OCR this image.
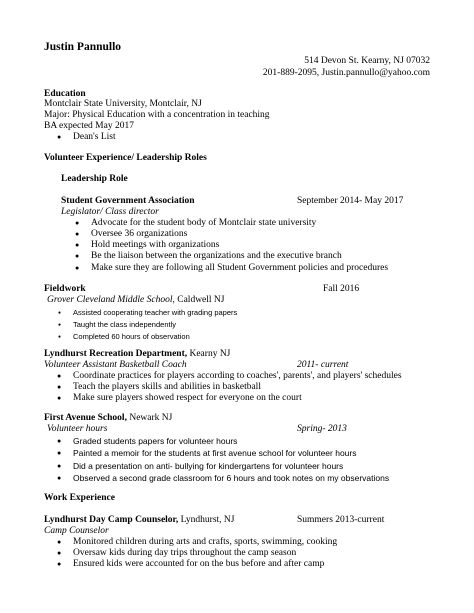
Justin Pannullo
514 Devon St. Kearny, NJ 07032
201-889-2095, Justin.pannullo@yahoo.com
Education
Montclair State University, Montclair, NJ
Major: Physical Education with a concentration in teaching
BA expected May 2017
● Dean's List
Volunteer Experience/ Leadership Roles
Leadership Role
Student Government Association	September 2014- May 2017
Legislator/ Class director
● Advocate for the student body of Montclair state university
● Oversee 36 organizations
● Hold meetings with organizations
● Be the liaison between the organizations and the executive branch
● Make sure they are following all Student Government policies and procedures
Fieldwork	Fall 2016
Grover Cleveland Middle School, Caldwell NJ
● Assisted cooperating teacher with grading papers
● Taught the class independently
● Completed 60 hours of observation
Lyndhurst Recreation Department, Kearny NJ
Volunteer Assistant Basketball Coach	2011- current
● Coordinate practices for players according to coaches', parents', and players' schedules
● Teach the players skills and abilities in basketball
● Make sure players showed respect for everyone on the court
First Avenue School, Newark NJ
Volunteer hours	Spring- 2013
● Graded students papers for volunteer hours
● Painted a memoir for the students at first avenue school for volunteer hours
● Did a presentation on anti- bullying for kindergartens for volunteer hours
● Observed a second grade classroom for 6 hours and took notes on my observations
Work Experience
Lyndhurst Day Camp Counselor, Lyndhurst, NJ	Summers 2013-current
Camp Counselor
● Monitored children during arts and crafts, sports, swimming, cooking
● Oversaw kids during day trips throughout the camp season
● Ensured kids were accounted for on the bus before and after camp
